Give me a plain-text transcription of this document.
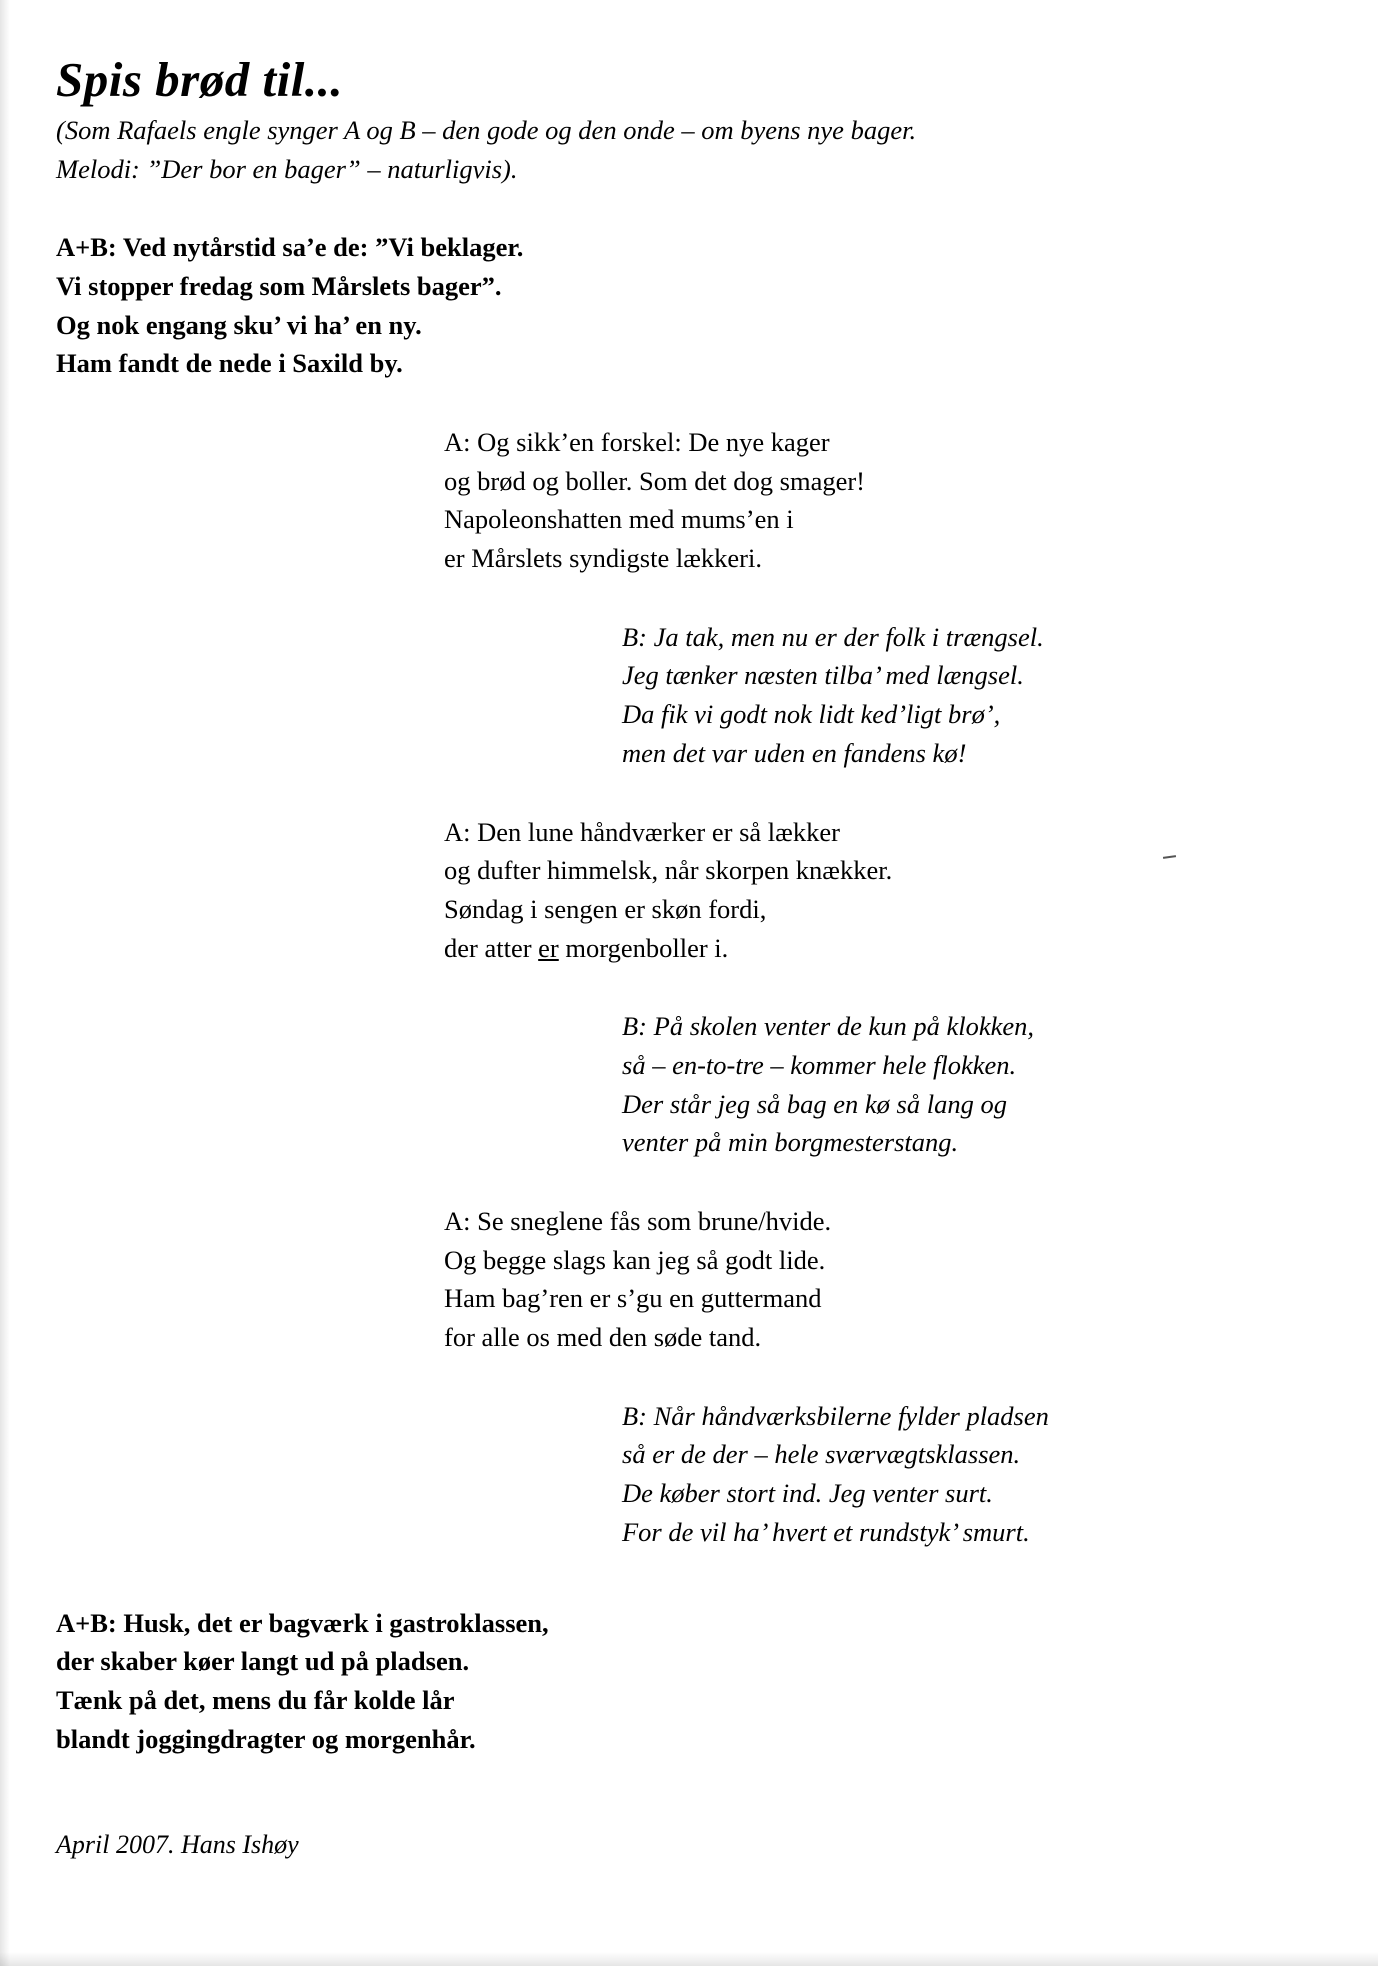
Spis brød til...
(Som Rafaels engle synger A og B – den gode og den onde – om byens nye bager.
Melodi: ”Der bor en bager” – naturligvis).
A+B: Ved nytårstid sa’e de: ”Vi beklager.
Vi stopper fredag som Mårslets bager”.
Og nok engang sku’ vi ha’ en ny.
Ham fandt de nede i Saxild by.
A: Og sikk’en forskel: De nye kager
og brød og boller. Som det dog smager!
Napoleonshatten med mums’en i
er Mårslets syndigste lækkeri.
B: Ja tak, men nu er der folk i trængsel.
Jeg tænker næsten tilba’ med længsel.
Da fik vi godt nok lidt ked’ligt brø’,
men det var uden en fandens kø!
A: Den lune håndværker er så lækker
og dufter himmelsk, når skorpen knækker.
Søndag i sengen er skøn fordi,
der atter er morgenboller i.
B: På skolen venter de kun på klokken,
så – en-to-tre – kommer hele flokken.
Der står jeg så bag en kø så lang og
venter på min borgmesterstang.
A: Se sneglene fås som brune/hvide.
Og begge slags kan jeg så godt lide.
Ham bag’ren er s’gu en guttermand
for alle os med den søde tand.
B: Når håndværksbilerne fylder pladsen
så er de der – hele sværvægtsklassen.
De køber stort ind. Jeg venter surt.
For de vil ha’ hvert et rundstyk’ smurt.
A+B: Husk, det er bagværk i gastroklassen,
der skaber køer langt ud på pladsen.
Tænk på det, mens du får kolde lår
blandt joggingdragter og morgenhår.
April 2007. Hans Ishøy
